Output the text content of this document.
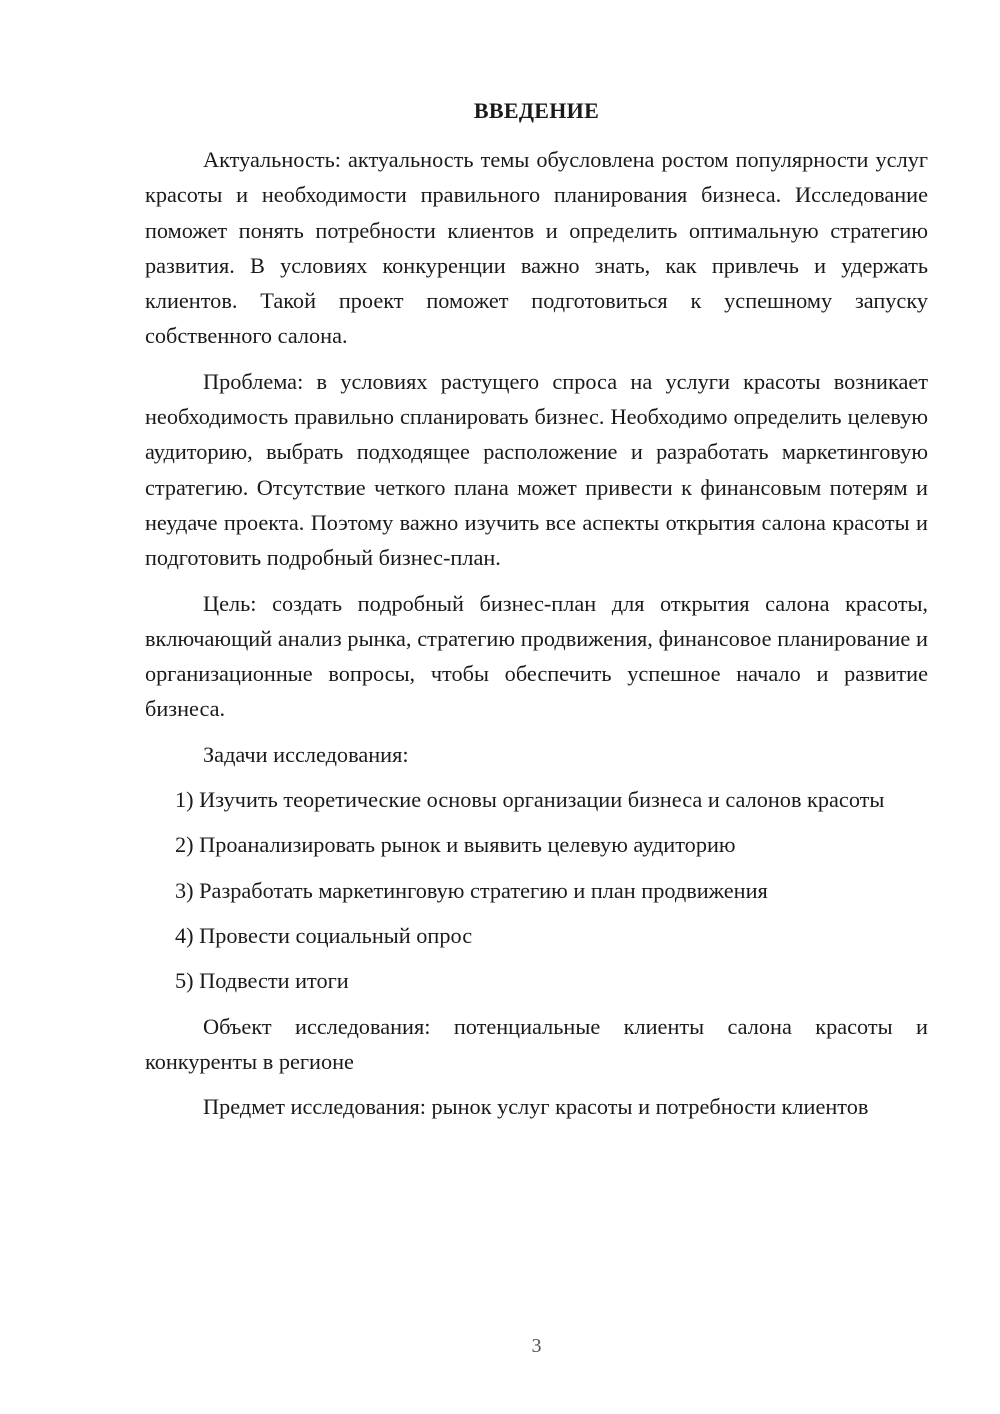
ВВЕДЕНИЕ

Актуальность: актуальность темы обусловлена ростом популярности услуг красоты и необходимости правильного планирования бизнеса. Исследование поможет понять потребности клиентов и определить оптимальную стратегию развития. В условиях конкуренции важно знать, как привлечь и удержать клиентов. Такой проект поможет подготовиться к успешному запуску собственного салона.

Проблема: в условиях растущего спроса на услуги красоты возникает необходимость правильно спланировать бизнес. Необходимо определить целевую аудиторию, выбрать подходящее расположение и разработать маркетинговую стратегию. Отсутствие четкого плана может привести к финансовым потерям и неудаче проекта. Поэтому важно изучить все аспекты открытия салона красоты и подготовить подробный бизнес-план.

Цель: создать подробный бизнес-план для открытия салона красоты, включающий анализ рынка, стратегию продвижения, финансовое планирование и организационные вопросы, чтобы обеспечить успешное начало и развитие бизнеса.

Задачи исследования:

1) Изучить теоретические основы организации бизнеса и салонов красоты

2) Проанализировать рынок и выявить целевую аудиторию

3) Разработать маркетинговую стратегию и план продвижения

4) Провести социальный опрос

5) Подвести итоги

Объект исследования: потенциальные клиенты салона красоты и конкуренты в регионе

Предмет исследования: рынок услуг красоты и потребности клиентов

3
